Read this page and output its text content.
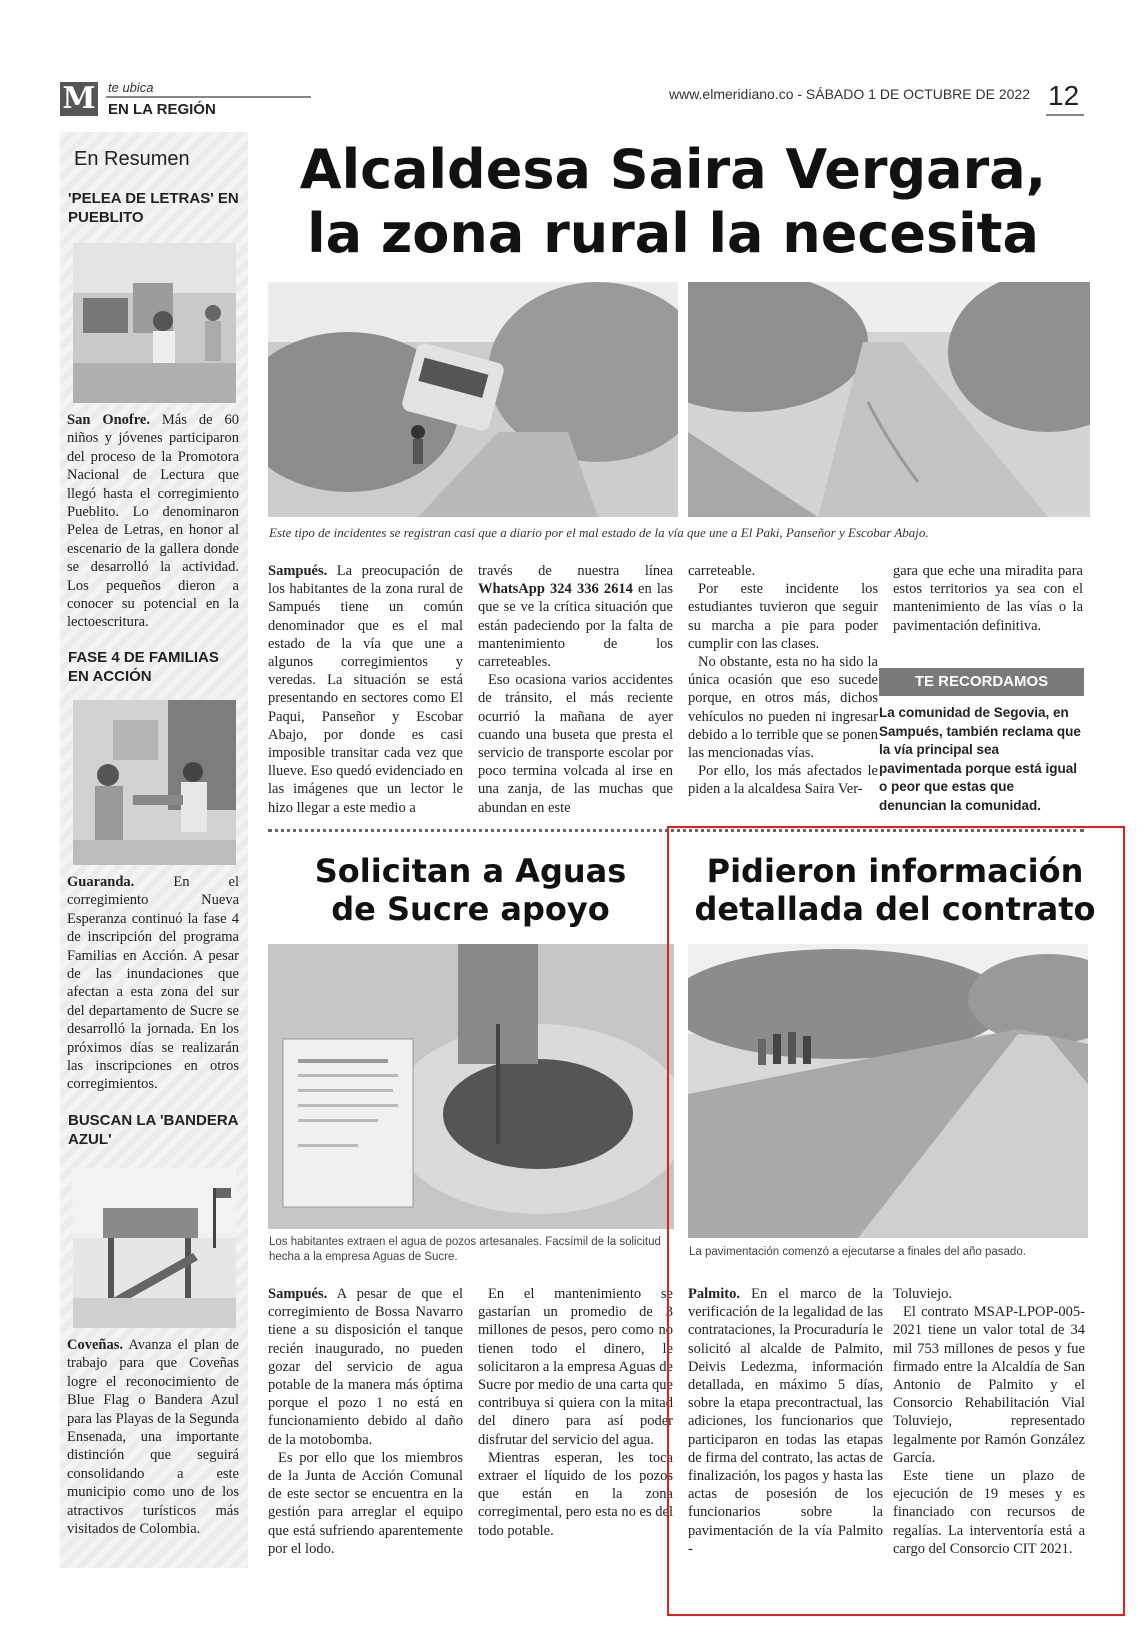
M te ubica
EN LA REGIÓN
www.elmeridiano.co - SÁBADO 1 DE OCTUBRE DE 2022 12
En Resumen
'PELEA DE LETRAS' EN PUEBLITO
San Onofre. Más de 60 niños y jóvenes participaron del proceso de la Promotora Nacional de Lectura que llegó hasta el corregimiento Pueblito. Lo denominaron Pelea de Letras, en honor al escenario de la gallera donde se desarrolló la actividad. Los pequeños dieron a conocer su potencial en la lectoescritura.
FASE 4 DE FAMILIAS EN ACCIÓN
Guaranda. En el corregimiento Nueva Esperanza continuó la fase 4 de inscripción del programa Familias en Acción. A pesar de las inundaciones que afectan a esta zona del sur del departamento de Sucre se desarrolló la jornada. En los próximos días se realizarán las inscripciones en otros corregimientos.
BUSCAN LA 'BANDERA AZUL'
Coveñas. Avanza el plan de trabajo para que Coveñas logre el reconocimiento de Blue Flag o Bandera Azul para las Playas de la Segunda Ensenada, una importante distinción que seguirá consolidando a este municipio como uno de los atractivos turísticos más visitados de Colombia.
Alcaldesa Saira Vergara,
la zona rural la necesita
Este tipo de incidentes se registran casi que a diario por el mal estado de la vía que une a El Paki, Panseñor y Escobar Abajo.
Sampués. La preocupación de los habitantes de la zona rural de Sampués tiene un común denominador que es el mal estado de la vía que une a algunos corregimientos y veredas. La situación se está presentando en sectores como El Paqui, Panseñor y Escobar Abajo, por donde es casi imposible transitar cada vez que llueve. Eso quedó evidenciado en las imágenes que un lector le hizo llegar a este medio a

través de nuestra línea WhatsApp 324 336 2614 en las que se ve la crítica situación que están padeciendo por la falta de mantenimiento de los carreteables.

Eso ocasiona varios accidentes de tránsito, el más reciente ocurrió la mañana de ayer cuando una buseta que presta el servicio de transporte escolar por poco termina volcada al irse en una zanja, de las muchas que abundan en este

carreteable.

Por este incidente los estudiantes tuvieron que seguir su marcha a pie para poder cumplir con las clases.

No obstante, esta no ha sido la única ocasión que eso sucede porque, en otros más, dichos vehículos no pueden ni ingresar debido a lo terrible que se ponen las mencionadas vías.

Por ello, los más afectados le piden a la alcaldesa Saira Ver-

gara que eche una miradita para estos territorios ya sea con el mantenimiento de las vías o la pavimentación definitiva.
TE RECORDAMOS
La comunidad de Segovia, en Sampués, también reclama que la vía principal sea pavimentada porque está igual o peor que estas que denuncian la comunidad.
Solicitan a Aguas
de Sucre apoyo
Los habitantes extraen el agua de pozos artesanales. Facsímil de la solicitud hecha a la empresa Aguas de Sucre.

Sampués. A pesar de que el corregimiento de Bossa Navarro tiene a su disposición el tanque recién inaugurado, no pueden gozar del servicio de agua potable de la manera más óptima porque el pozo 1 no está en funcionamiento debido al daño de la motobomba.

Es por ello que los miembros de la Junta de Acción Comunal de este sector se encuentra en la gestión para arreglar el equipo que está sufriendo aparentemente por el lodo.

En el mantenimiento se gastarían un promedio de 3 millones de pesos, pero como no tienen todo el dinero, le solicitaron a la empresa Aguas de Sucre por medio de una carta que contribuya si quiera con la mitad del dinero para así poder disfrutar del servicio del agua.

Mientras esperan, les toca extraer el líquido de los pozos que están en la zona corregimental, pero esta no es del todo potable.

Pidieron información
detallada del contrato
La pavimentación comenzó a ejecutarse a finales del año pasado.
Palmito. En el marco de la verificación de la legalidad de las contrataciones, la Procuraduría le solicitó al alcalde de Palmito, Deivis Ledezma, información detallada, en máximo 5 días, sobre la etapa precontractual, las adiciones, los funcionarios que participaron en todas las etapas de firma del contrato, las actas de finalización, los pagos y hasta las actas de posesión de los funcionarios sobre la pavimentación de la vía Palmito -

Toluviejo.

El contrato MSAP-LPOP-005-2021 tiene un valor total de 34 mil 753 millones de pesos y fue firmado entre la Alcaldía de San Antonio de Palmito y el Consorcio Rehabilitación Vial Toluviejo, representado legalmente por Ramón González García.

Este tiene un plazo de ejecución de 19 meses y es financiado con recursos de regalías. La interventoría está a cargo del Consorcio CIT 2021.
